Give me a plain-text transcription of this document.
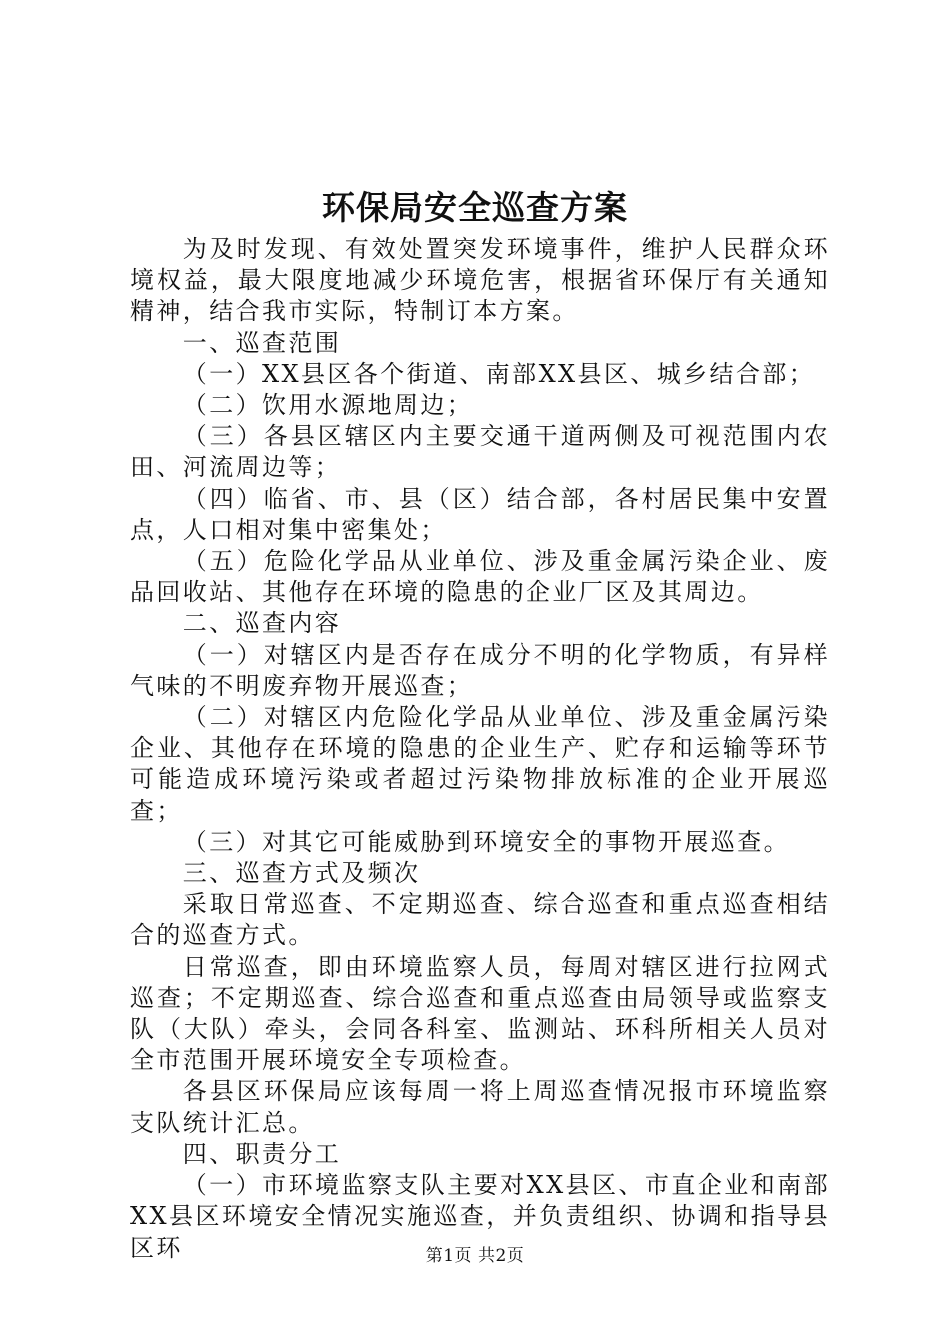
环保局安全巡查方案

为及时发现、有效处置突发环境事件，维护人民群众环境权益，最大限度地减少环境危害，根据省环保厅有关通知精神，结合我市实际，特制订本方案。

一、巡查范围

（一）XX县区各个街道、南部XX县区、城乡结合部；

（二）饮用水源地周边；

（三）各县区辖区内主要交通干道两侧及可视范围内农田、河流周边等；

（四）临省、市、县（区）结合部，各村居民集中安置点，人口相对集中密集处；

（五）危险化学品从业单位、涉及重金属污染企业、废品回收站、其他存在环境的隐患的企业厂区及其周边。

二、巡查内容

（一）对辖区内是否存在成分不明的化学物质，有异样气味的不明废弃物开展巡查；

（二）对辖区内危险化学品从业单位、涉及重金属污染企业、其他存在环境的隐患的企业生产、贮存和运输等环节可能造成环境污染或者超过污染物排放标准的企业开展巡查；

（三）对其它可能威胁到环境安全的事物开展巡查。

三、巡查方式及频次

采取日常巡查、不定期巡查、综合巡查和重点巡查相结合的巡查方式。

日常巡查，即由环境监察人员，每周对辖区进行拉网式巡查；不定期巡查、综合巡查和重点巡查由局领导或监察支队（大队）牵头，会同各科室、监测站、环科所相关人员对全市范围开展环境安全专项检查。

各县区环保局应该每周一将上周巡查情况报市环境监察支队统计汇总。

四、职责分工

（一）市环境监察支队主要对XX县区、市直企业和南部XX县区环境安全情况实施巡查，并负责组织、协调和指导县区环	第1页 共2页
